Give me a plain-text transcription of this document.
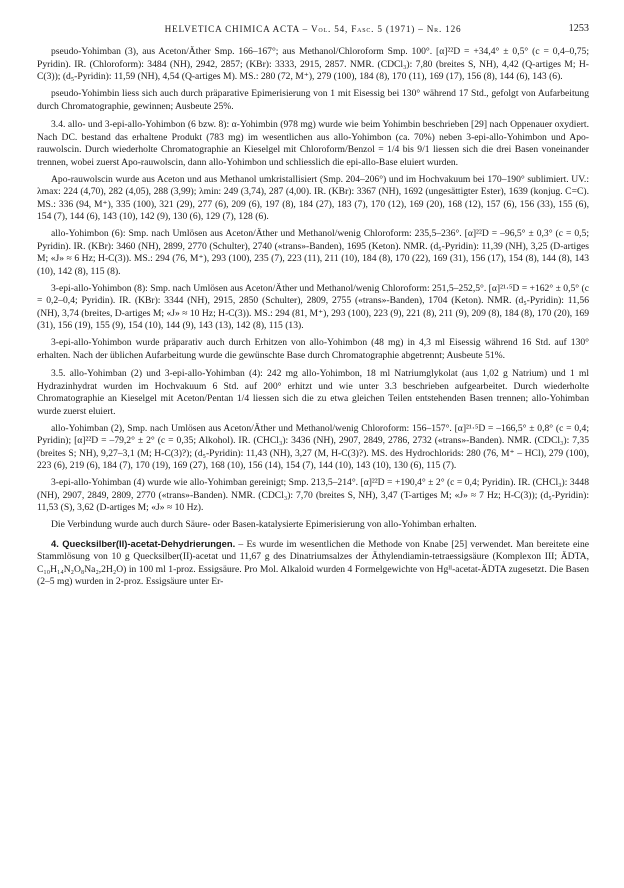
HELVETICA CHIMICA ACTA – Vol. 54, Fasc. 5 (1971) – Nr. 126	1253

pseudo-Yohimban (3), aus Aceton/Äther Smp. 166–167°; aus Methanol/Chloroform Smp. 100°. [α]²²D = +34,4° ± 0,5° (c = 0,4–0,75; Pyridin). IR. (Chloroform): 3484 (NH), 2942, 2857; (KBr): 3333, 2915, 2857. NMR. (CDCl₃): 7,80 (breites S, NH), 4,42 (Q-artiges M; H-C(3)); (d₅-Pyridin): 11,59 (NH), 4,54 (Q-artiges M). MS.: 280 (72, M⁺), 279 (100), 184 (8), 170 (11), 169 (17), 156 (8), 144 (6), 143 (6).

pseudo-Yohimbin liess sich auch durch präparative Epimerisierung von 1 mit Eisessig bei 130° während 17 Std., gefolgt von Aufarbeitung durch Chromatographie, gewinnen; Ausbeute 25%.

3.4. allo- und 3-epi-allo-Yohimbon (6 bzw. 8): α-Yohimbin (978 mg) wurde wie beim Yohimbin beschrieben [29] nach Oppenauer oxydiert. Nach DC. bestand das erhaltene Produkt (783 mg) im wesentlichen aus allo-Yohimbon (ca. 70%) neben 3-epi-allo-Yohimbon und Apo-rauwolscin. Durch wiederholte Chromatographie an Kieselgel mit Chloroform/Benzol = 1/4 bis 9/1 liessen sich die drei Basen voneinander trennen, wobei zuerst Apo-rauwolscin, dann allo-Yohimbon und schliesslich die epi-allo-Base eluiert wurden.

Apo-rauwolscin wurde aus Aceton und aus Methanol umkristallisiert (Smp. 204–206°) und im Hochvakuum bei 170–190° sublimiert. UV.: λmax: 224 (4,70), 282 (4,05), 288 (3,99); λmin: 249 (3,74), 287 (4,00). IR. (KBr): 3367 (NH), 1692 (ungesättigter Ester), 1639 (konjug. C=C). MS.: 336 (94, M⁺), 335 (100), 321 (29), 277 (6), 209 (6), 197 (8), 184 (27), 183 (7), 170 (12), 169 (20), 168 (12), 157 (6), 156 (33), 155 (6), 154 (7), 144 (6), 143 (10), 142 (9), 130 (6), 129 (7), 128 (6).

allo-Yohimbon (6): Smp. nach Umlösen aus Aceton/Äther und Methanol/wenig Chloroform: 235,5–236°. [α]²²D = –96,5° ± 0,3° (c = 0,5; Pyridin). IR. (KBr): 3460 (NH), 2899, 2770 (Schulter), 2740 («trans»-Banden), 1695 (Keton). NMR. (d₅-Pyridin): 11,39 (NH), 3,25 (D-artiges M; «J» ≈ 6 Hz; H-C(3)). MS.: 294 (76, M⁺), 293 (100), 235 (7), 223 (11), 211 (10), 184 (8), 170 (22), 169 (31), 156 (17), 154 (8), 144 (8), 143 (10), 142 (8), 115 (8).

3-epi-allo-Yohimbon (8): Smp. nach Umlösen aus Aceton/Äther und Methanol/wenig Chloroform: 251,5–252,5°. [α]²¹·⁵D = +162° ± 0,5° (c = 0,2–0,4; Pyridin). IR. (KBr): 3344 (NH), 2915, 2850 (Schulter), 2809, 2755 («trans»-Banden), 1704 (Keton). NMR. (d₅-Pyridin): 11,56 (NH), 3,74 (breites, D-artiges M; «J» ≈ 10 Hz; H-C(3)). MS.: 294 (81, M⁺), 293 (100), 223 (9), 221 (8), 211 (9), 209 (8), 184 (8), 170 (20), 169 (31), 156 (19), 155 (9), 154 (10), 144 (9), 143 (13), 142 (8), 115 (13).

3-epi-allo-Yohimbon wurde präparativ auch durch Erhitzen von allo-Yohimbon (48 mg) in 4,3 ml Eisessig während 16 Std. auf 130° erhalten. Nach der üblichen Aufarbeitung wurde die gewünschte Base durch Chromatographie abgetrennt; Ausbeute 51%.

3.5. allo-Yohimban (2) und 3-epi-allo-Yohimban (4): 242 mg allo-Yohimbon, 18 ml Natriumglykolat (aus 1,02 g Natrium) und 1 ml Hydrazinhydrat wurden im Hochvakuum 6 Std. auf 200° erhitzt und wie unter 3.3 beschrieben aufgearbeitet. Durch wiederholte Chromatographie an Kieselgel mit Aceton/Pentan 1/4 liessen sich die zu etwa gleichen Teilen entstehenden Basen trennen; allo-Yohimban wurde zuerst eluiert.

allo-Yohimban (2), Smp. nach Umlösen aus Aceton/Äther und Methanol/wenig Chloroform: 156–157°. [α]²¹·⁵D = –166,5° ± 0,8° (c = 0,4; Pyridin); [α]²²D = –79,2° ± 2° (c = 0,35; Alkohol). IR. (CHCl₃): 3436 (NH), 2907, 2849, 2786, 2732 («trans»-Banden). NMR. (CDCl₃): 7,35 (breites S; NH), 9,27–3,1 (M; H-C(3)?); (d₅-Pyridin): 11,43 (NH), 3,27 (M, H-C(3)?). MS. des Hydrochlorids: 280 (76, M⁺ – HCl), 279 (100), 223 (6), 219 (6), 184 (7), 170 (19), 169 (27), 168 (10), 156 (14), 154 (7), 144 (10), 143 (10), 130 (6), 115 (7).

3-epi-allo-Yohimban (4) wurde wie allo-Yohimban gereinigt; Smp. 213,5–214°. [α]²²D = +190,4° ± 2° (c = 0,4; Pyridin). IR. (CHCl₃): 3448 (NH), 2907, 2849, 2809, 2770 («trans»-Banden). NMR. (CDCl₃): 7,70 (breites S, NH), 3,47 (T-artiges M; «J» ≈ 7 Hz; H-C(3)); (d₅-Pyridin): 11,53 (S), 3,62 (D-artiges M; «J» ≈ 10 Hz).

Die Verbindung wurde auch durch Säure- oder Basen-katalysierte Epimerisierung von allo-Yohimban erhalten.

4. Quecksilber(II)-acetat-Dehydrierungen. – Es wurde im wesentlichen die Methode von Knabe [25] verwendet. Man bereitete eine Stammlösung von 10 g Quecksilber(II)-acetat und 11,67 g des Dinatriumsalzes der Äthylendiamin-tetraessigsäure (Komplexon III; ÄDTA, C₁₀H₁₄N₂O₈Na₂,2H₂O) in 100 ml 1-proz. Essigsäure. Pro Mol. Alkaloid wurden 4 Formelgewichte von Hgᴵᴵ-acetat-ÄDTA zugesetzt. Die Basen (2–5 mg) wurden in 2-proz. Essigsäure unter Er-
